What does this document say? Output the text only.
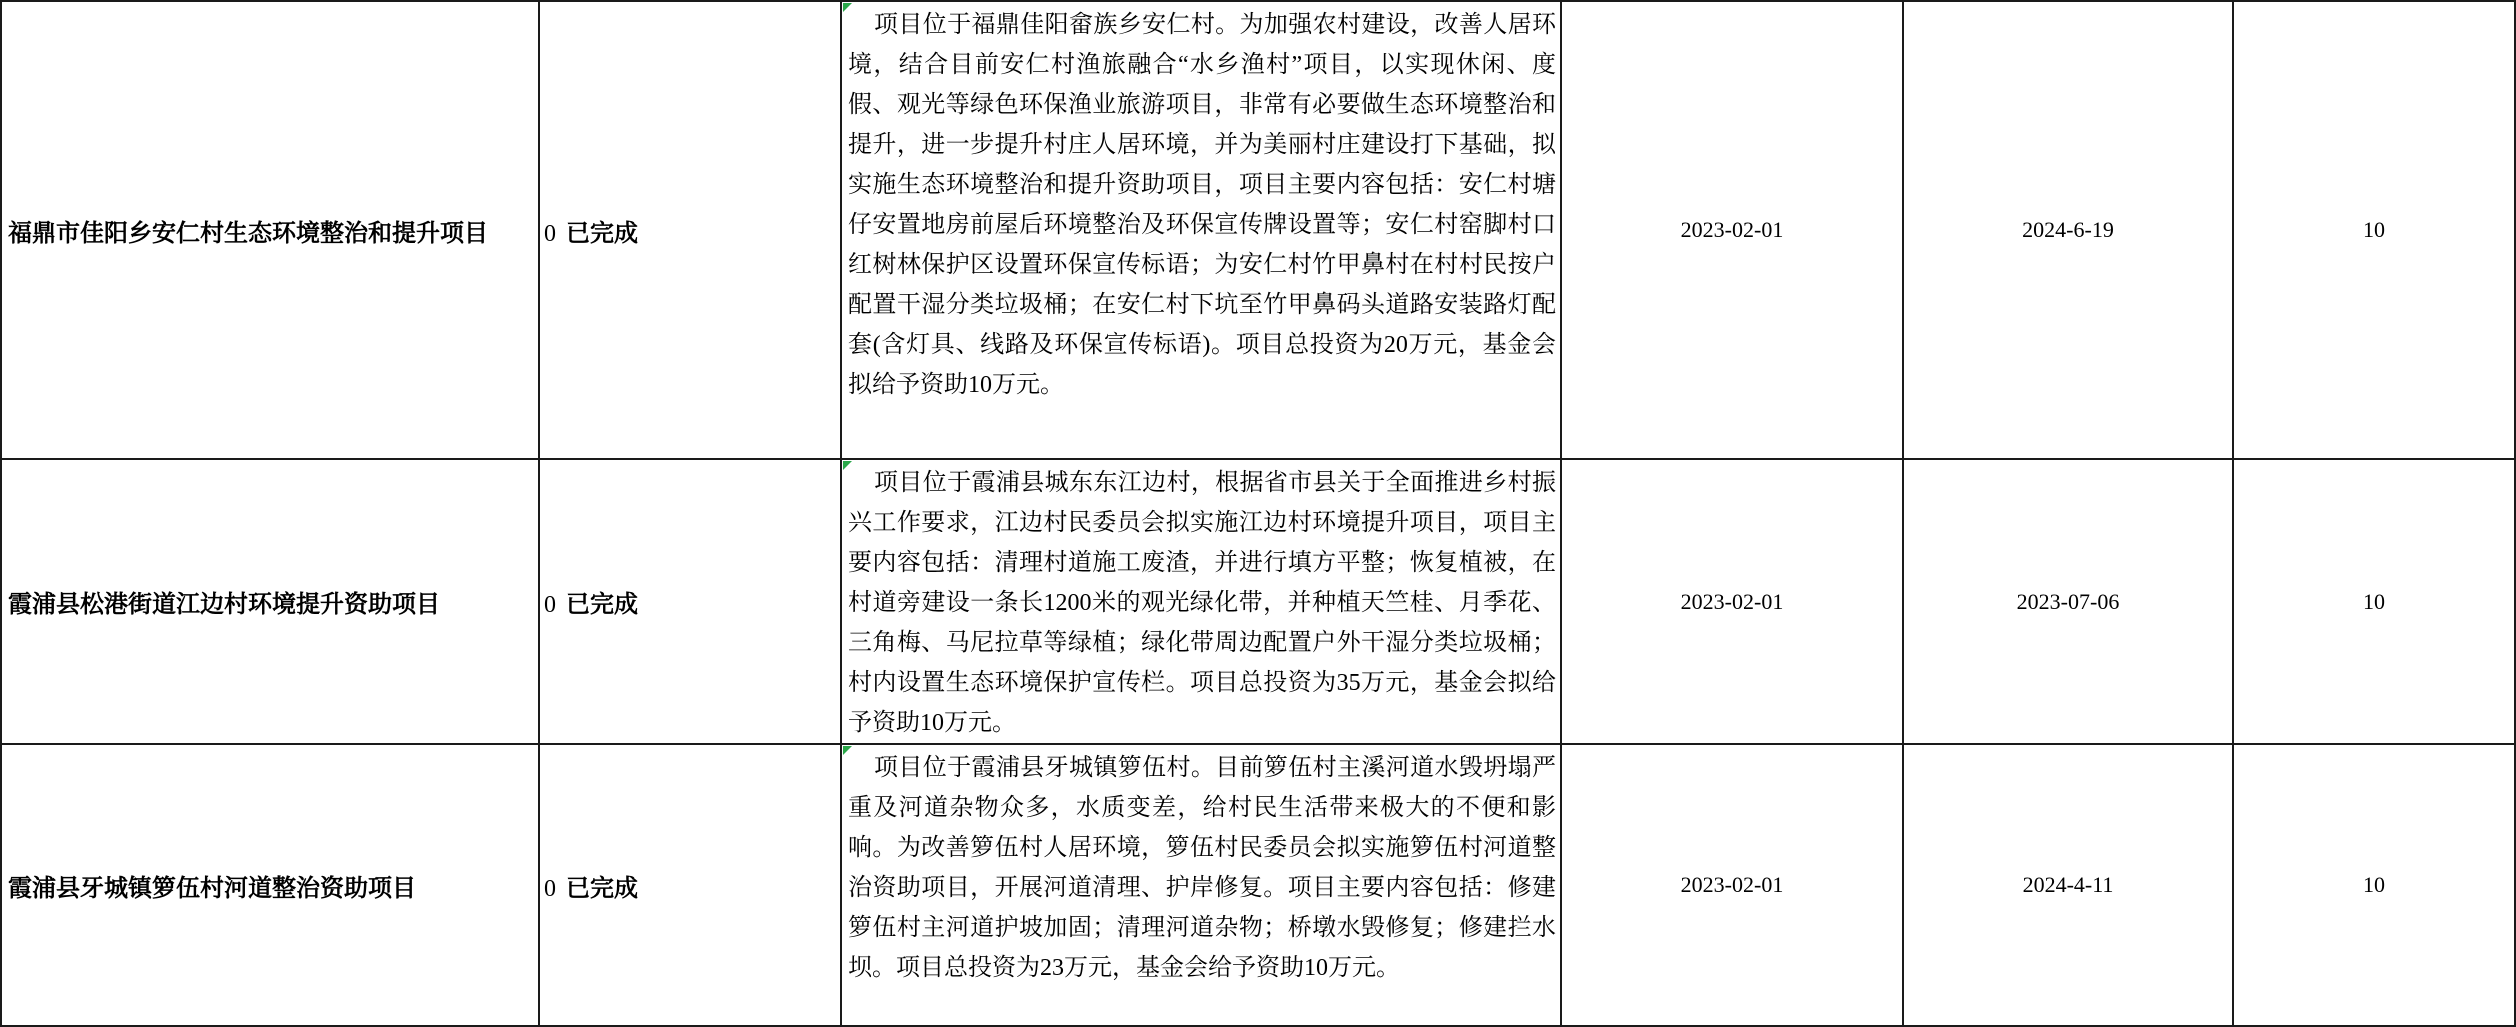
福鼎市佳阳乡安仁村生态环境整治和提升项目	0 已完成	项目位于福鼎佳阳畲族乡安仁村。为加强农村建设，改善人居环境，结合目前安仁村渔旅融合“水乡渔村”项目，以实现休闲、度假、观光等绿色环保渔业旅游项目，非常有必要做生态环境整治和提升，进一步提升村庄人居环境，并为美丽村庄建设打下基础，拟实施生态环境整治和提升资助项目，项目主要内容包括：安仁村塘仔安置地房前屋后环境整治及环保宣传牌设置等；安仁村窑脚村口红树林保护区设置环保宣传标语；为安仁村竹甲鼻村在村村民按户配置干湿分类垃圾桶；在安仁村下坑至竹甲鼻码头道路安装路灯配套(含灯具、线路及环保宣传标语)。项目总投资为20万元，基金会拟给予资助10万元。	2023-02-01	2024-6-19	10
霞浦县松港街道江边村环境提升资助项目	0 已完成	项目位于霞浦县城东东江边村，根据省市县关于全面推进乡村振兴工作要求，江边村民委员会拟实施江边村环境提升项目，项目主要内容包括：清理村道施工废渣，并进行填方平整；恢复植被，在村道旁建设一条长1200米的观光绿化带，并种植天竺桂、月季花、三角梅、马尼拉草等绿植；绿化带周边配置户外干湿分类垃圾桶；村内设置生态环境保护宣传栏。项目总投资为35万元，基金会拟给予资助10万元。	2023-02-01	2023-07-06	10
霞浦县牙城镇箩伍村河道整治资助项目	0 已完成	项目位于霞浦县牙城镇箩伍村。目前箩伍村主溪河道水毁坍塌严重及河道杂物众多，水质变差，给村民生活带来极大的不便和影响。为改善箩伍村人居环境，箩伍村民委员会拟实施箩伍村河道整治资助项目，开展河道清理、护岸修复。项目主要内容包括：修建箩伍村主河道护坡加固；清理河道杂物；桥墩水毁修复；修建拦水坝。项目总投资为23万元，基金会给予资助10万元。	2023-02-01	2024-4-11	10
